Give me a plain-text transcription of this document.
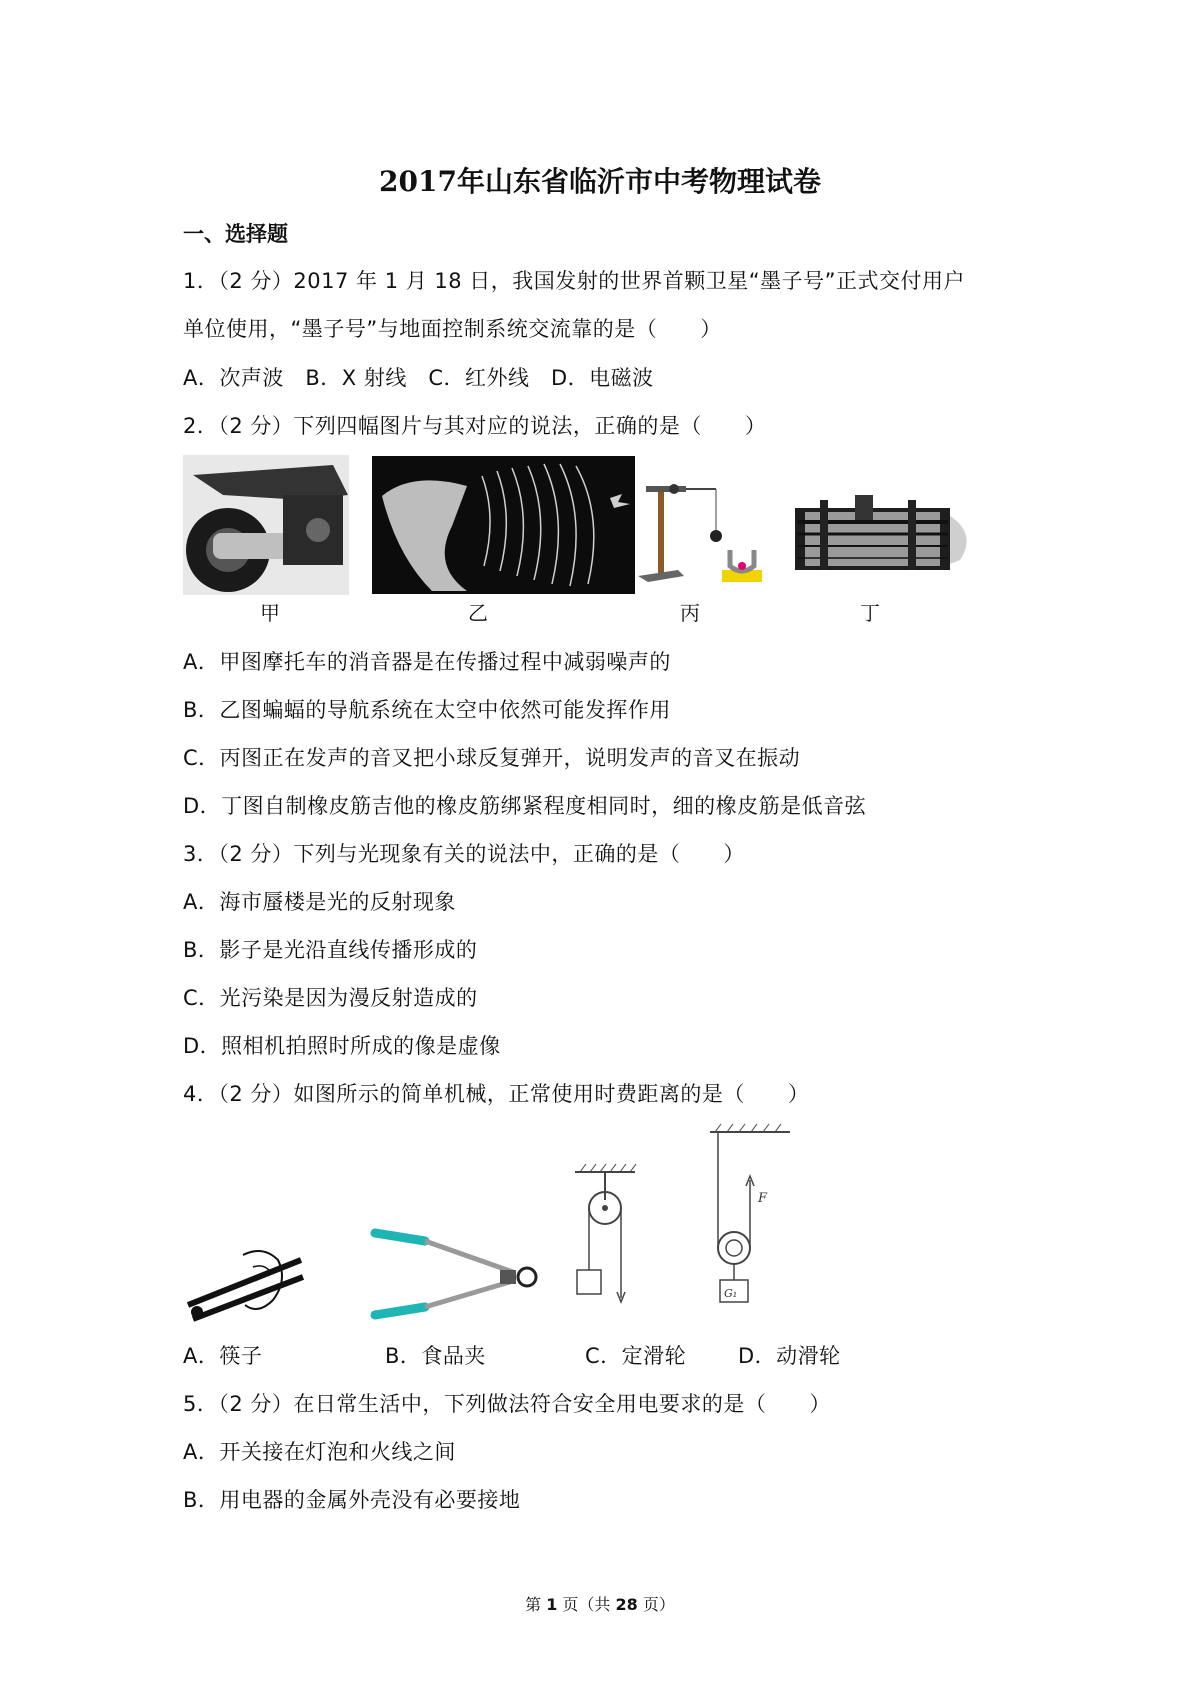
2017年山东省临沂市中考物理试卷
一、选择题
1．（2 分）2017 年 1 月 18 日，我国发射的世界首颗卫星“墨子号”正式交付用户
单位使用，“墨子号”与地面控制系统交流靠的是（　　）
A．次声波　B．X 射线　C．红外线　D．电磁波
2．（2 分）下列四幅图片与其对应的说法，正确的是（　　）
甲	乙	丙	丁
A．甲图摩托车的消音器是在传播过程中减弱噪声的
B．乙图蝙蝠的导航系统在太空中依然可能发挥作用
C．丙图正在发声的音叉把小球反复弹开，说明发声的音叉在振动
D．丁图自制橡皮筋吉他的橡皮筋绑紧程度相同时，细的橡皮筋是低音弦
3．（2 分）下列与光现象有关的说法中，正确的是（　　）
A．海市蜃楼是光的反射现象
B．影子是光沿直线传播形成的
C．光污染是因为漫反射造成的
D．照相机拍照时所成的像是虚像
4．（2 分）如图所示的简单机械，正常使用时费距离的是（　　）
F
G₁
A．筷子	B．食品夹	C．定滑轮 D．动滑轮
5．（2 分）在日常生活中，下列做法符合安全用电要求的是（　　）
A．开关接在灯泡和火线之间
B．用电器的金属外壳没有必要接地
第 1 页（共 28 页）
